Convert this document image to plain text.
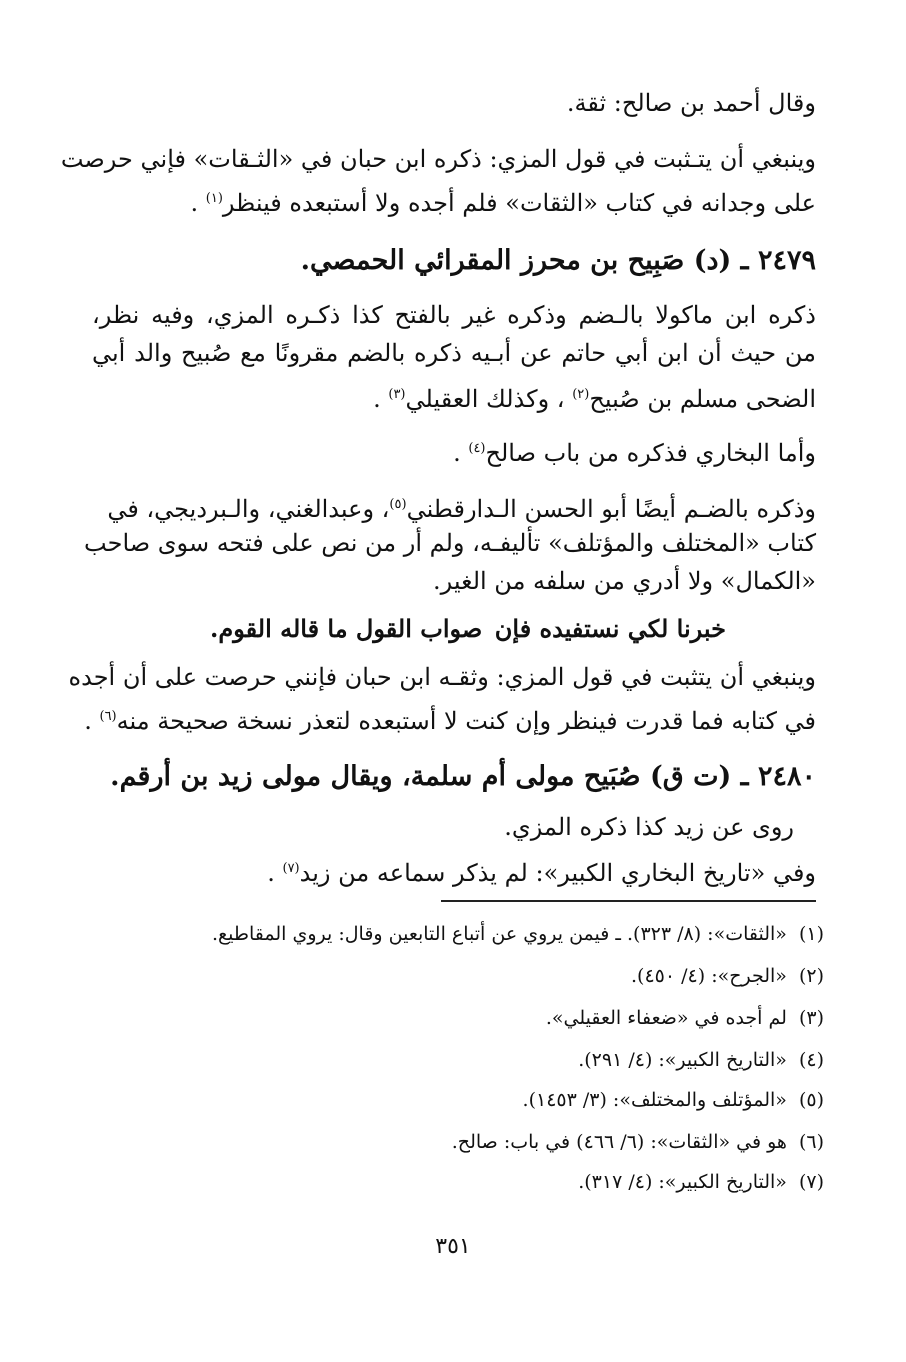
وقال أحمد بن صالح: ثقة.
وينبغي أن يتـثبت في قول المزي: ذكره ابن حبان في «الثـقات» فإني حرصت
على وجدانه في كتاب «الثقات» فلم أجده ولا أستبعده فينظر$^{(١)}$ .
٢٤٧٩ ـ (د) صَبِيح بن محرز المقرائي الحمصي.
ذكره ابن ماكولا بالـضم وذكره غير بالفتح كذا ذكـره المزي، وفيه نظر،
من حيث أن ابن أبي حاتم عن أبـيه ذكره بالضم مقرونًا مع صُبيح والد أبي
الضحى مسلم بن صُبيح$^{(٢)}$ ، وكذلك العقيلي$^{(٣)}$ .
وأما البخاري فذكره من باب صالح$^{(٤)}$ .
وذكره بالضـم أيضًا أبو الحسن الـدارقطني$^{(٥)}$، وعبدالغني، والـبرديجي، في
كتاب «المختلف والمؤتلف» تأليفـه، ولم أر من نص على فتحه سوى صاحب
«الكمال» ولا أدري من سلفه من الغير.
خبرنا لكي نستفيده فإن
صواب القول ما قاله القوم.
وينبغي أن يتثبت في قول المزي: وثقـه ابن حبان فإنني حرصت على أن أجده
في كتابه فما قدرت فينظر وإن كنت لا أستبعده لتعذر نسخة صحيحة منه$^{(٦)}$ .
٢٤٨٠ ـ (ت ق) صُبَيح مولى أم سلمة، ويقال مولى زيد بن أرقم.
روى عن زيد كذا ذكره المزي.
وفي «تاريخ البخاري الكبير»: لم يذكر سماعه من زيد$^{(٧)}$ .
(١)«الثقات»: (٨/ ٣٢٣). ـ فيمن يروي عن أتباع التابعين وقال: يروي المقاطيع.
(٢)«الجرح»: (٤/ ٤٥٠).
(٣)لم أجده في «ضعفاء العقيلي».
(٤)«التاريخ الكبير»: (٤/ ٢٩١).
(٥)«المؤتلف والمختلف»: (٣/ ١٤٥٣).
(٦)هو في «الثقات»: (٦/ ٤٦٦) في باب: صالح.
(٧)«التاريخ الكبير»: (٤/ ٣١٧).
٣٥١
